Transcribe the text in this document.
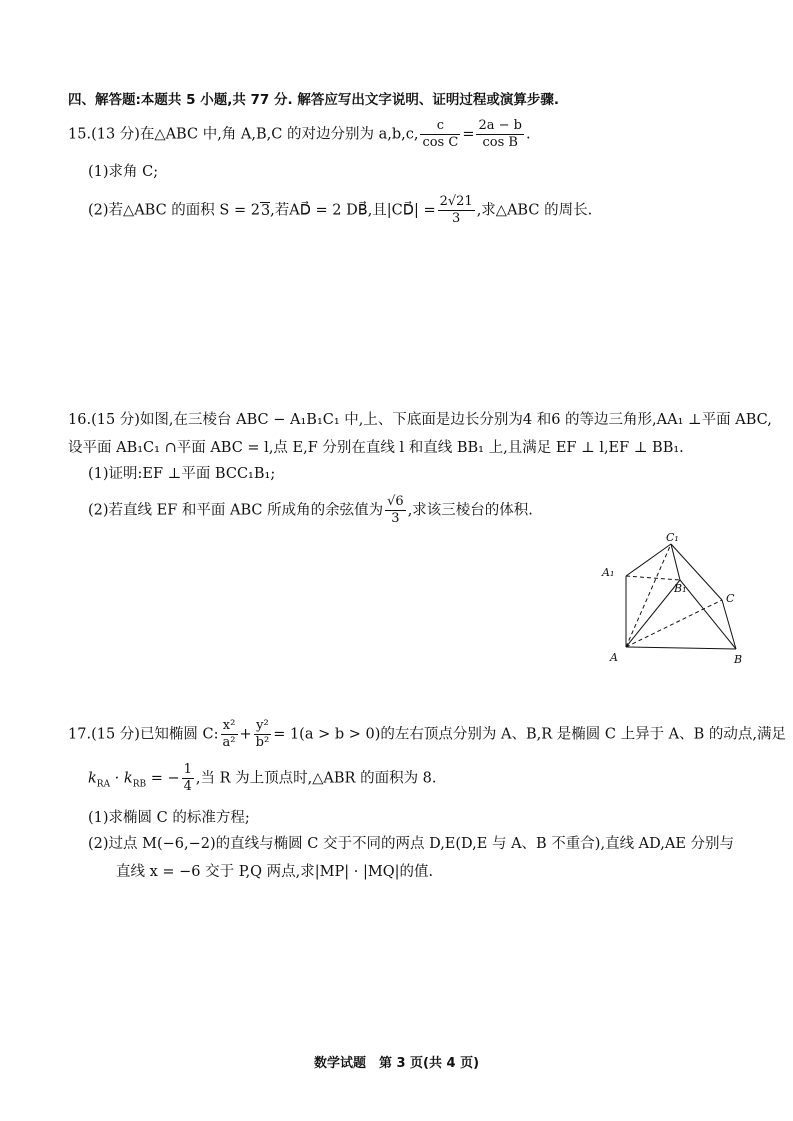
四、解答题:本题共 5 小题,共 77 分. 解答应写出文字说明、证明过程或演算步骤.
15.(13 分)在△ABC 中,角 A,B,C 的对边分别为 a,b,c, $\frac{c}{\text{cos C}} = \frac{2a - b}{\text{cos B}}$ .
(1)求角 C;
(2)若△ABC 的面积 S = 23,若AD⃗ = 2 DB⃗,且|CD⃗| = $\frac{2√21}{3}$ ,求△ABC 的周长.
16.(15 分)如图,在三棱台 ABC − A₁B₁C₁ 中,上、下底面是边长分别为4 和6 的等边三角形,AA₁ ⊥平面 ABC,
设平面 AB₁C₁ ∩平面 ABC = l,点 E,F 分别在直线 l 和直线 BB₁ 上,且满足 EF ⊥ l,EF ⊥ BB₁.
(1)证明:EF ⊥平面 BCC₁B₁;
(2)若直线 EF 和平面 ABC 所成角的余弦值为 $\frac{√6}{3}$ ,求该三棱台的体积.
C₁
A₁
B₁
C
A	B
17.(15 分)已知椭圆 C: $\frac{\text{x²}}{\text{a²}} + \frac{\text{y²}}{\text{b²}} = 1(a > b > 0)$的左右顶点分别为 A、B,R 是椭圆 C 上异于 A、B 的动点,满足
$k_{RA} \cdot k_{RB}$ = − $\frac{1}{4}$ ,当 R 为上顶点时,△ABR 的面积为 8.
(1)求椭圆 C 的标准方程;
(2)过点 M(−6,−2)的直线与椭圆 C 交于不同的两点 D,E(D,E 与 A、B 不重合),直线 AD,AE 分别与
直线 x = −6 交于 P,Q 两点,求|MP| · |MQ|的值.
数学试题　第 3 页(共 4 页)
